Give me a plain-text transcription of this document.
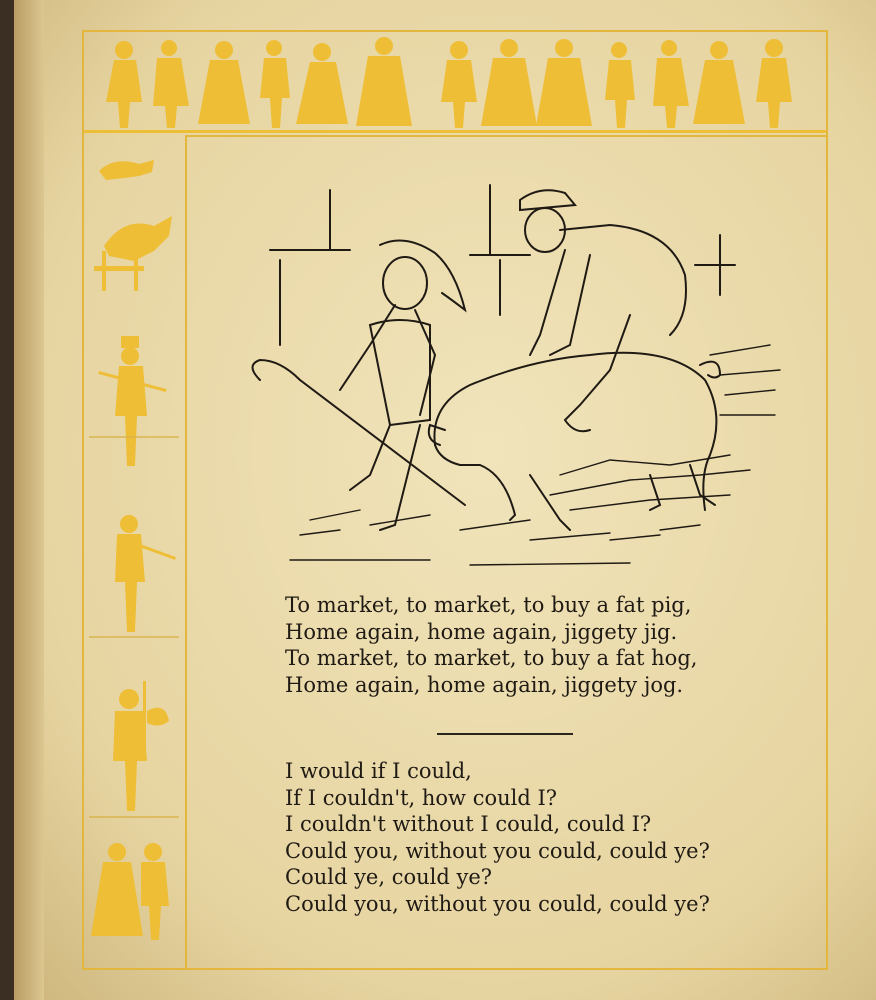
To market, to market, to buy a fat pig,
Home again, home again, jiggety jig.
To market, to market, to buy a fat hog,
Home again, home again, jiggety jog.
I would if I could,
If I couldn't, how could I?
I couldn't without I could, could I?
Could you, without you could, could ye?
Could ye, could ye?
Could you, without you could, could ye?
